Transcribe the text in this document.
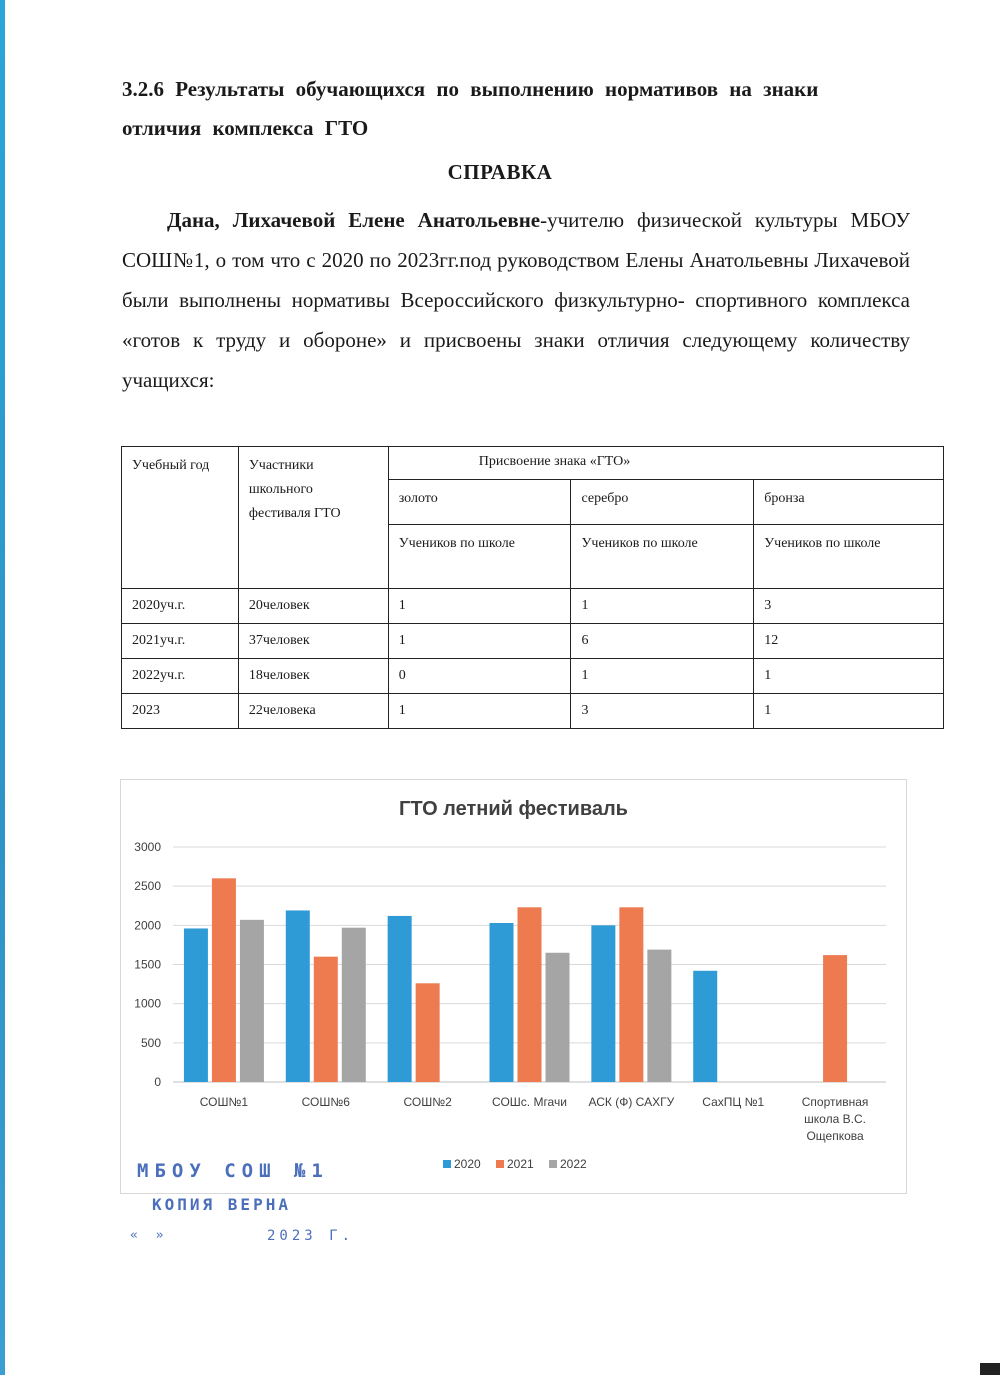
3.2.6 Результаты обучающихся по выполнению нормативов на знаки
отличия комплекса ГТО
СПРАВКА

Дана, Лихачевой Елене Анатольевне-учителю физической культуры МБОУ СОШ№1, о том что с 2020 по 2023гг.под руководством Елены Анатольевны Лихачевой были выполнены нормативы Всероссийского физкультурно- спортивного комплекса «готов к труду и обороне» и присвоены знаки отличия следующему количеству учащихся:

Учебный год	Участники школьного фестиваля ГТО	Присвоение знака «ГТО»		
		золото	серебро	бронза
		Учеников по школе	Учеников по школе	Учеников по школе
2020уч.г.	20человек	1	1	3
2021уч.г.	37человек	1	6	12
2022уч.г.	18человек	0	1	1
2023	22человека	1	3	1
ГТО летний фестиваль
0
500
1000
1500
2000
2500
3000
СОШ№1	СОШ№6	СОШ№2	СОШс. Мгачи АСК (Ф) САХГУ СахПЦ №1	Спортивная школа В.С. Ощепкова
2020 2021 2022
МБОУ СОШ №1
КОПИЯ ВЕРНА
« »	2023 Г.
